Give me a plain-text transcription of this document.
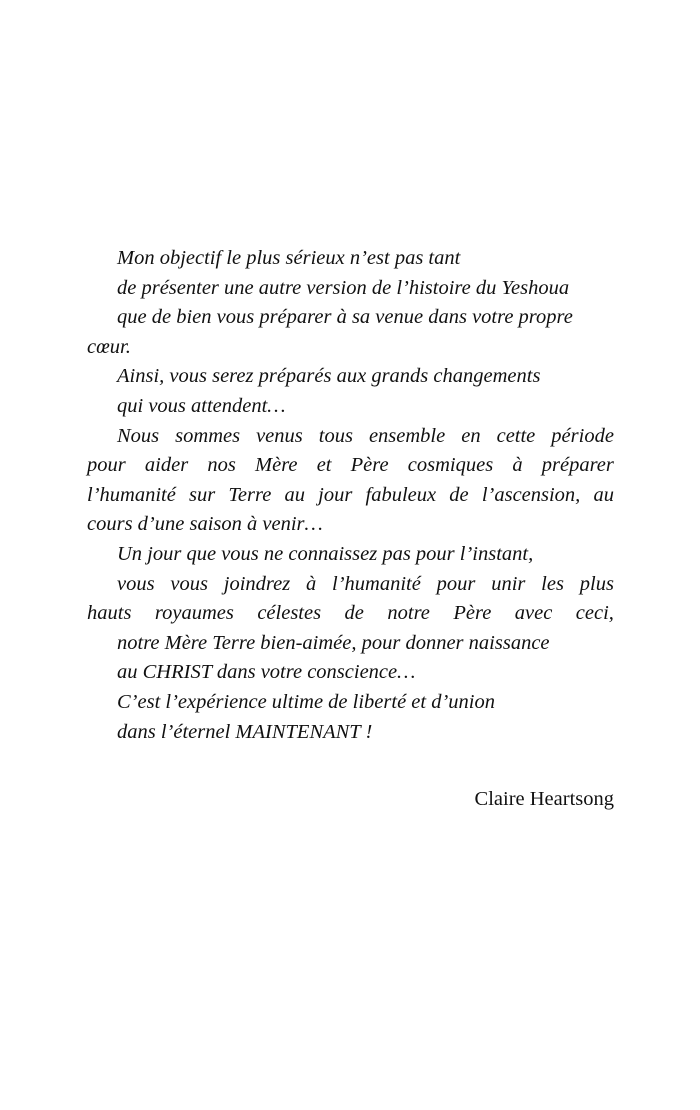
Mon objectif le plus sérieux n’est pas tant
de présenter une autre version de l’histoire du Yeshoua
que de bien vous préparer à sa venue dans votre propre
cœur.
Ainsi, vous serez préparés aux grands changements
qui vous attendent…
Nous sommes venus tous ensemble en cette période
pour aider nos Mère et Père cosmiques à préparer
l’humanité sur Terre au jour fabuleux de l’ascension, au
cours d’une saison à venir…
Un jour que vous ne connaissez pas pour l’instant,
vous vous joindrez à l’humanité pour unir les plus
hauts royaumes célestes de notre Père avec ceci,
notre Mère Terre bien-aimée, pour donner naissance
au CHRIST dans votre conscience…
C’est l’expérience ultime de liberté et d’union
dans l’éternel MAINTENANT !
Claire Heartsong
